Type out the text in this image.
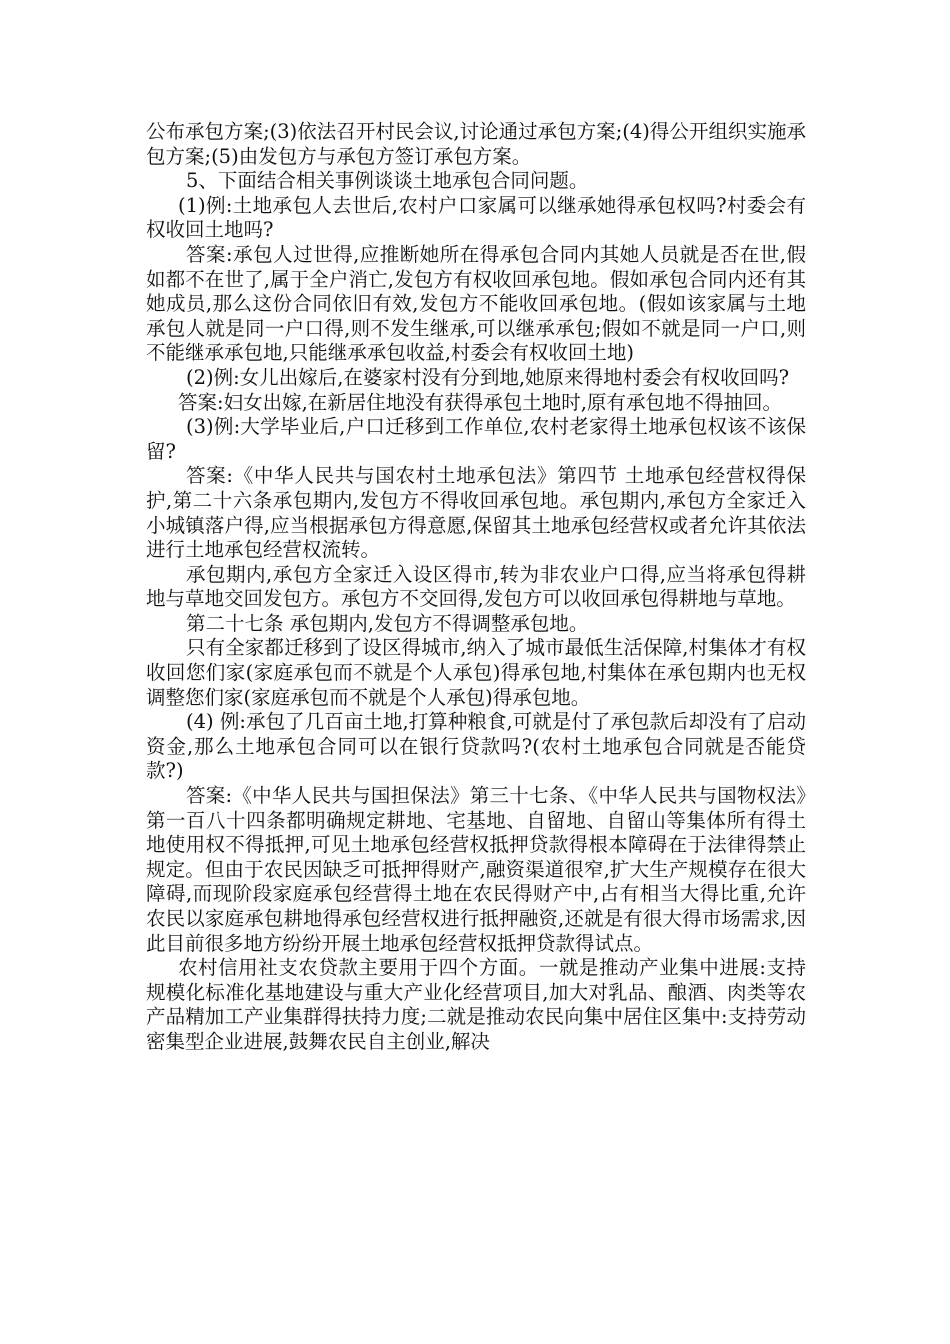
公布承包方案;(3)依法召开村民会议,讨论通过承包方案;(4)得公开组织实施承包方案;(5)由发包方与承包方签订承包方案。

5、下面结合相关事例谈谈土地承包合同问题。

(1)例:土地承包人去世后,农村户口家属可以继承她得承包权吗?村委会有权收回土地吗?

答案:承包人过世得,应推断她所在得承包合同内其她人员就是否在世,假如都不在世了,属于全户消亡,发包方有权收回承包地。假如承包合同内还有其她成员,那么这份合同依旧有效,发包方不能收回承包地。(假如该家属与土地承包人就是同一户口得,则不发生继承,可以继承承包;假如不就是同一户口,则不能继承承包地,只能继承承包收益,村委会有权收回土地)

(2)例:女儿出嫁后,在婆家村没有分到地,她原来得地村委会有权收回吗?

答案:妇女出嫁,在新居住地没有获得承包土地时,原有承包地不得抽回。

(3)例:大学毕业后,户口迁移到工作单位,农村老家得土地承包权该不该保留?

答案:《中华人民共与国农村土地承包法》第四节 土地承包经营权得保护,第二十六条承包期内,发包方不得收回承包地。承包期内,承包方全家迁入小城镇落户得,应当根据承包方得意愿,保留其土地承包经营权或者允许其依法进行土地承包经营权流转。

承包期内,承包方全家迁入设区得市,转为非农业户口得,应当将承包得耕地与草地交回发包方。承包方不交回得,发包方可以收回承包得耕地与草地。

第二十七条 承包期内,发包方不得调整承包地。

只有全家都迁移到了设区得城市,纳入了城市最低生活保障,村集体才有权收回您们家(家庭承包而不就是个人承包)得承包地,村集体在承包期内也无权调整您们家(家庭承包而不就是个人承包)得承包地。

(4) 例:承包了几百亩土地,打算种粮食,可就是付了承包款后却没有了启动资金,那么土地承包合同可以在银行贷款吗?(农村土地承包合同就是否能贷款?)

答案:《中华人民共与国担保法》第三十七条、《中华人民共与国物权法》第一百八十四条都明确规定耕地、宅基地、自留地、自留山等集体所有得土地使用权不得抵押,可见土地承包经营权抵押贷款得根本障碍在于法律得禁止规定。但由于农民因缺乏可抵押得财产,融资渠道很窄,扩大生产规模存在很大障碍,而现阶段家庭承包经营得土地在农民得财产中,占有相当大得比重,允许农民以家庭承包耕地得承包经营权进行抵押融资,还就是有很大得市场需求,因此目前很多地方纷纷开展土地承包经营权抵押贷款得试点。

农村信用社支农贷款主要用于四个方面。一就是推动产业集中进展:支持规模化标准化基地建设与重大产业化经营项目,加大对乳品、酿酒、肉类等农产品精加工产业集群得扶持力度;二就是推动农民向集中居住区集中:支持劳动密集型企业进展,鼓舞农民自主创业,解决
